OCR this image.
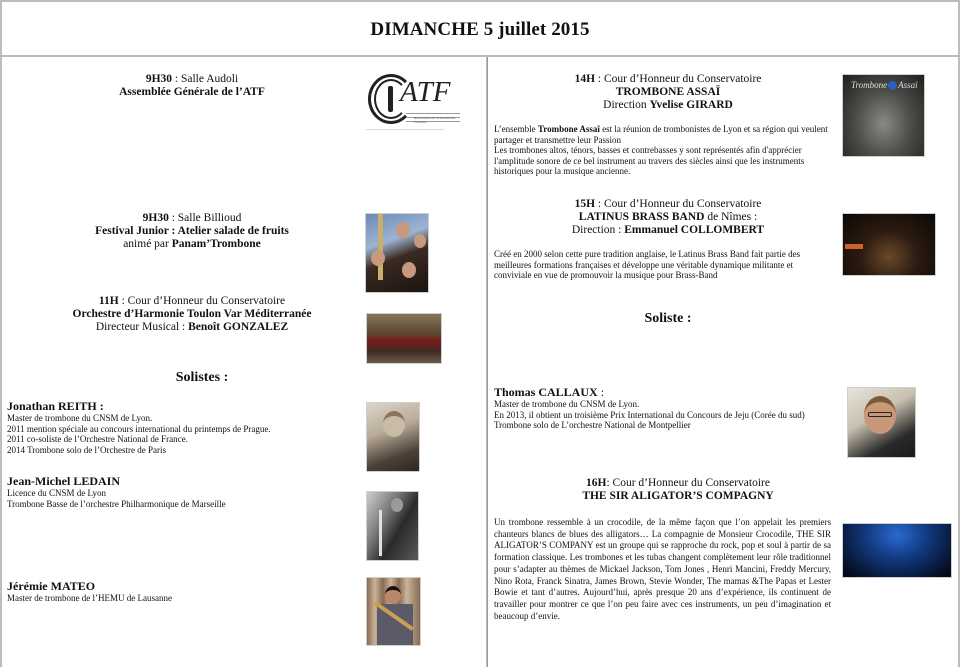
DIMANCHE 5 juillet 2015
9H30 : Salle Audoli
Assemblée Générale de l’ATF	ATF
Association des Trombonistes Français
9H30 : Salle Billioud
Festival Junior : Atelier salade de fruits
animé par Panam’Trombone
11H : Cour d’Honneur du Conservatoire
Orchestre d’Harmonie Toulon Var Méditerranée
Directeur Musical : Benoît GONZALEZ
Solistes :
Jonathan REITH :
Master de trombone du CNSM de Lyon.
2011 mention spéciale au concours international du printemps de Prague.
2011 co-soliste de l’Orchestre National de France.
2014 Trombone solo de l’Orchestre de Paris
Jean-Michel LEDAIN
Licence du CNSM de Lyon
Trombone Basse de l’orchestre Philharmonique de Marseille
Jérémie MATEO
Master de trombone de l’HEMU de Lausanne
14H : Cour d’Honneur du Conservatoire
TROMBONE ASSAÏ
Direction Yvelise GIRARD
L’ensemble Trombone Assaï est la réunion de trombonistes de Lyon et sa région qui veulent partager et transmettre leur Passion
Les trombones altos, ténors, basses et contrebasses y sont représentés afin d'apprécier l'amplitude sonore de ce bel instrument au travers des siècles ainsi que les instruments historiques pour la musique ancienne.
Trombone Assaï
15H : Cour d’Honneur du Conservatoire
LATINUS BRASS BAND de Nîmes :
Direction : Emmanuel COLLOMBERT
Créé en 2000 selon cette pure tradition anglaise, le Latinus Brass Band fait partie des meilleures formations françaises et développe une véritable dynamique militante et conviviale en vue de promouvoir la musique pour Brass-Band
Soliste :
Thomas CALLAUX :
Master de trombone du CNSM de Lyon.
En 2013, il obtient un troisième Prix International du Concours de Jeju (Corée du sud)
Trombone solo de L’orchestre National de Montpellier
16H: Cour d’Honneur du Conservatoire
THE SIR ALIGATOR’S COMPAGNY
Un trombone ressemble à un crocodile, de la même façon que l’on appelait les premiers chanteurs blancs de blues des alligators… La compagnie de Monsieur Crocodile, THE SIR ALIGATOR’S COMPANY est un groupe qui se rapproche du rock, pop et soul à partir de sa formation classique. Les trombones et les tubas changent complètement leur rôle traditionnel pour s’adapter au thèmes de Mickael Jackson, Tom Jones , Henri Mancini, Freddy Mercury, Nino Rota, Franck Sinatra, James Brown, Stevie Wonder, The mamas &The Papas et Lester Bowie et tant d’autres. Aujourd’hui, après presque 20 ans d’expérience, ils continuent de travailler pour montrer ce que l’on peu faire avec ces instruments, un peu d’imagination et beaucoup d’envie.
